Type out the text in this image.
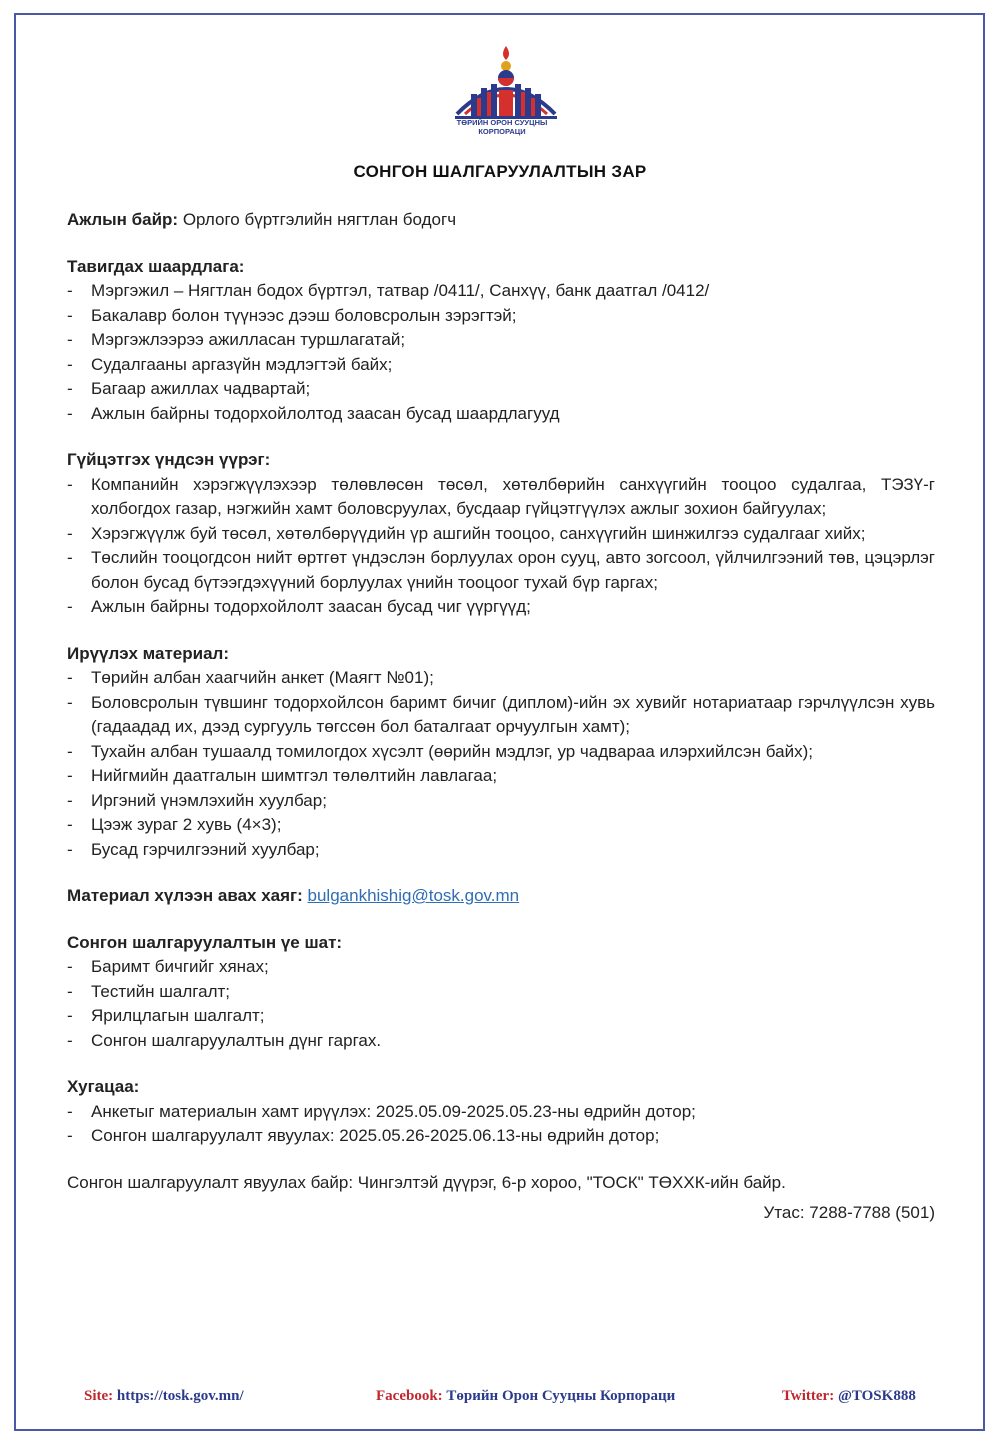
ТӨРИЙН ОРОН СУУЦНЫ
КОРПОРАЦИ
СОНГОН ШАЛГАРУУЛАЛТЫН ЗАР

Ажлын байр: Орлого бүртгэлийн нягтлан бодогч

Тавигдах шаардлага:
- Мэргэжил – Нягтлан бодох бүртгэл, татвар /0411/, Санхүү, банк даатгал /0412/
- Бакалавр болон түүнээс дээш боловсролын зэрэгтэй;
- Мэргэжлээрээ ажилласан туршлагатай;
- Судалгааны аргазүйн мэдлэгтэй байх;
- Багаар ажиллах чадвартай;
- Ажлын байрны тодорхойлолтод заасан бусад шаардлагууд
Гүйцэтгэх үндсэн үүрэг:
- Компанийн хэрэгжүүлэхээр төлөвлөсөн төсөл, хөтөлбөрийн санхүүгийн тооцоо судалгаа, ТЭЗҮ-г холбогдох газар, нэгжийн хамт боловсруулах, бусдаар гүйцэтгүүлэх ажлыг зохион байгуулах;
- Хэрэгжүүлж буй төсөл, хөтөлбөрүүдийн үр ашгийн тооцоо, санхүүгийн шинжилгээ судалгааг хийх;
- Төслийн тооцогдсон нийт өртгөт үндэслэн борлуулах орон сууц, авто зогсоол, үйлчилгээний төв, цэцэрлэг болон бусад бүтээгдэхүүний борлуулах үнийн тооцоог тухай бүр гаргах;
- Ажлын байрны тодорхойлолт заасан бусад чиг үүргүүд;
Ирүүлэх материал:
- Төрийн албан хаагчийн анкет (Маягт №01);
- Боловсролын түвшинг тодорхойлсон баримт бичиг (диплом)-ийн эх хувийг нотариатаар гэрчлүүлсэн хувь (гадаадад их, дээд сургууль төгссөн бол баталгаат орчуулгын хамт);
- Тухайн албан тушаалд томилогдох хүсэлт (өөрийн мэдлэг, ур чадвараа илэрхийлсэн байх);
- Нийгмийн даатгалын шимтгэл төлөлтийн лавлагаа;
- Иргэний үнэмлэхийн хуулбар;
- Цээж зураг 2 хувь (4×3);
- Бусад гэрчилгээний хуулбар;

Материал хүлээн авах хаяг: bulgankhishig@tosk.gov.mn

Сонгон шалгаруулалтын үе шат:
- Баримт бичгийг хянах;
- Тестийн шалгалт;
- Ярилцлагын шалгалт;
- Сонгон шалгаруулалтын дүнг гаргах.
Хугацаа:
- Анкетыг материалын хамт ирүүлэх: 2025.05.09-2025.05.23-ны өдрийн дотор;
- Сонгон шалгаруулалт явуулах: 2025.05.26-2025.06.13-ны өдрийн дотор;
Сонгон шалгаруулалт явуулах байр: Чингэлтэй дүүрэг, 6-р хороо, "ТОСК" ТӨХХК-ийн байр.
Утас: 7288-7788 (501)
Site: https://tosk.gov.mn/	Facebook: Төрийн Орон Сууцны Корпораци	Twitter: @TOSK888
